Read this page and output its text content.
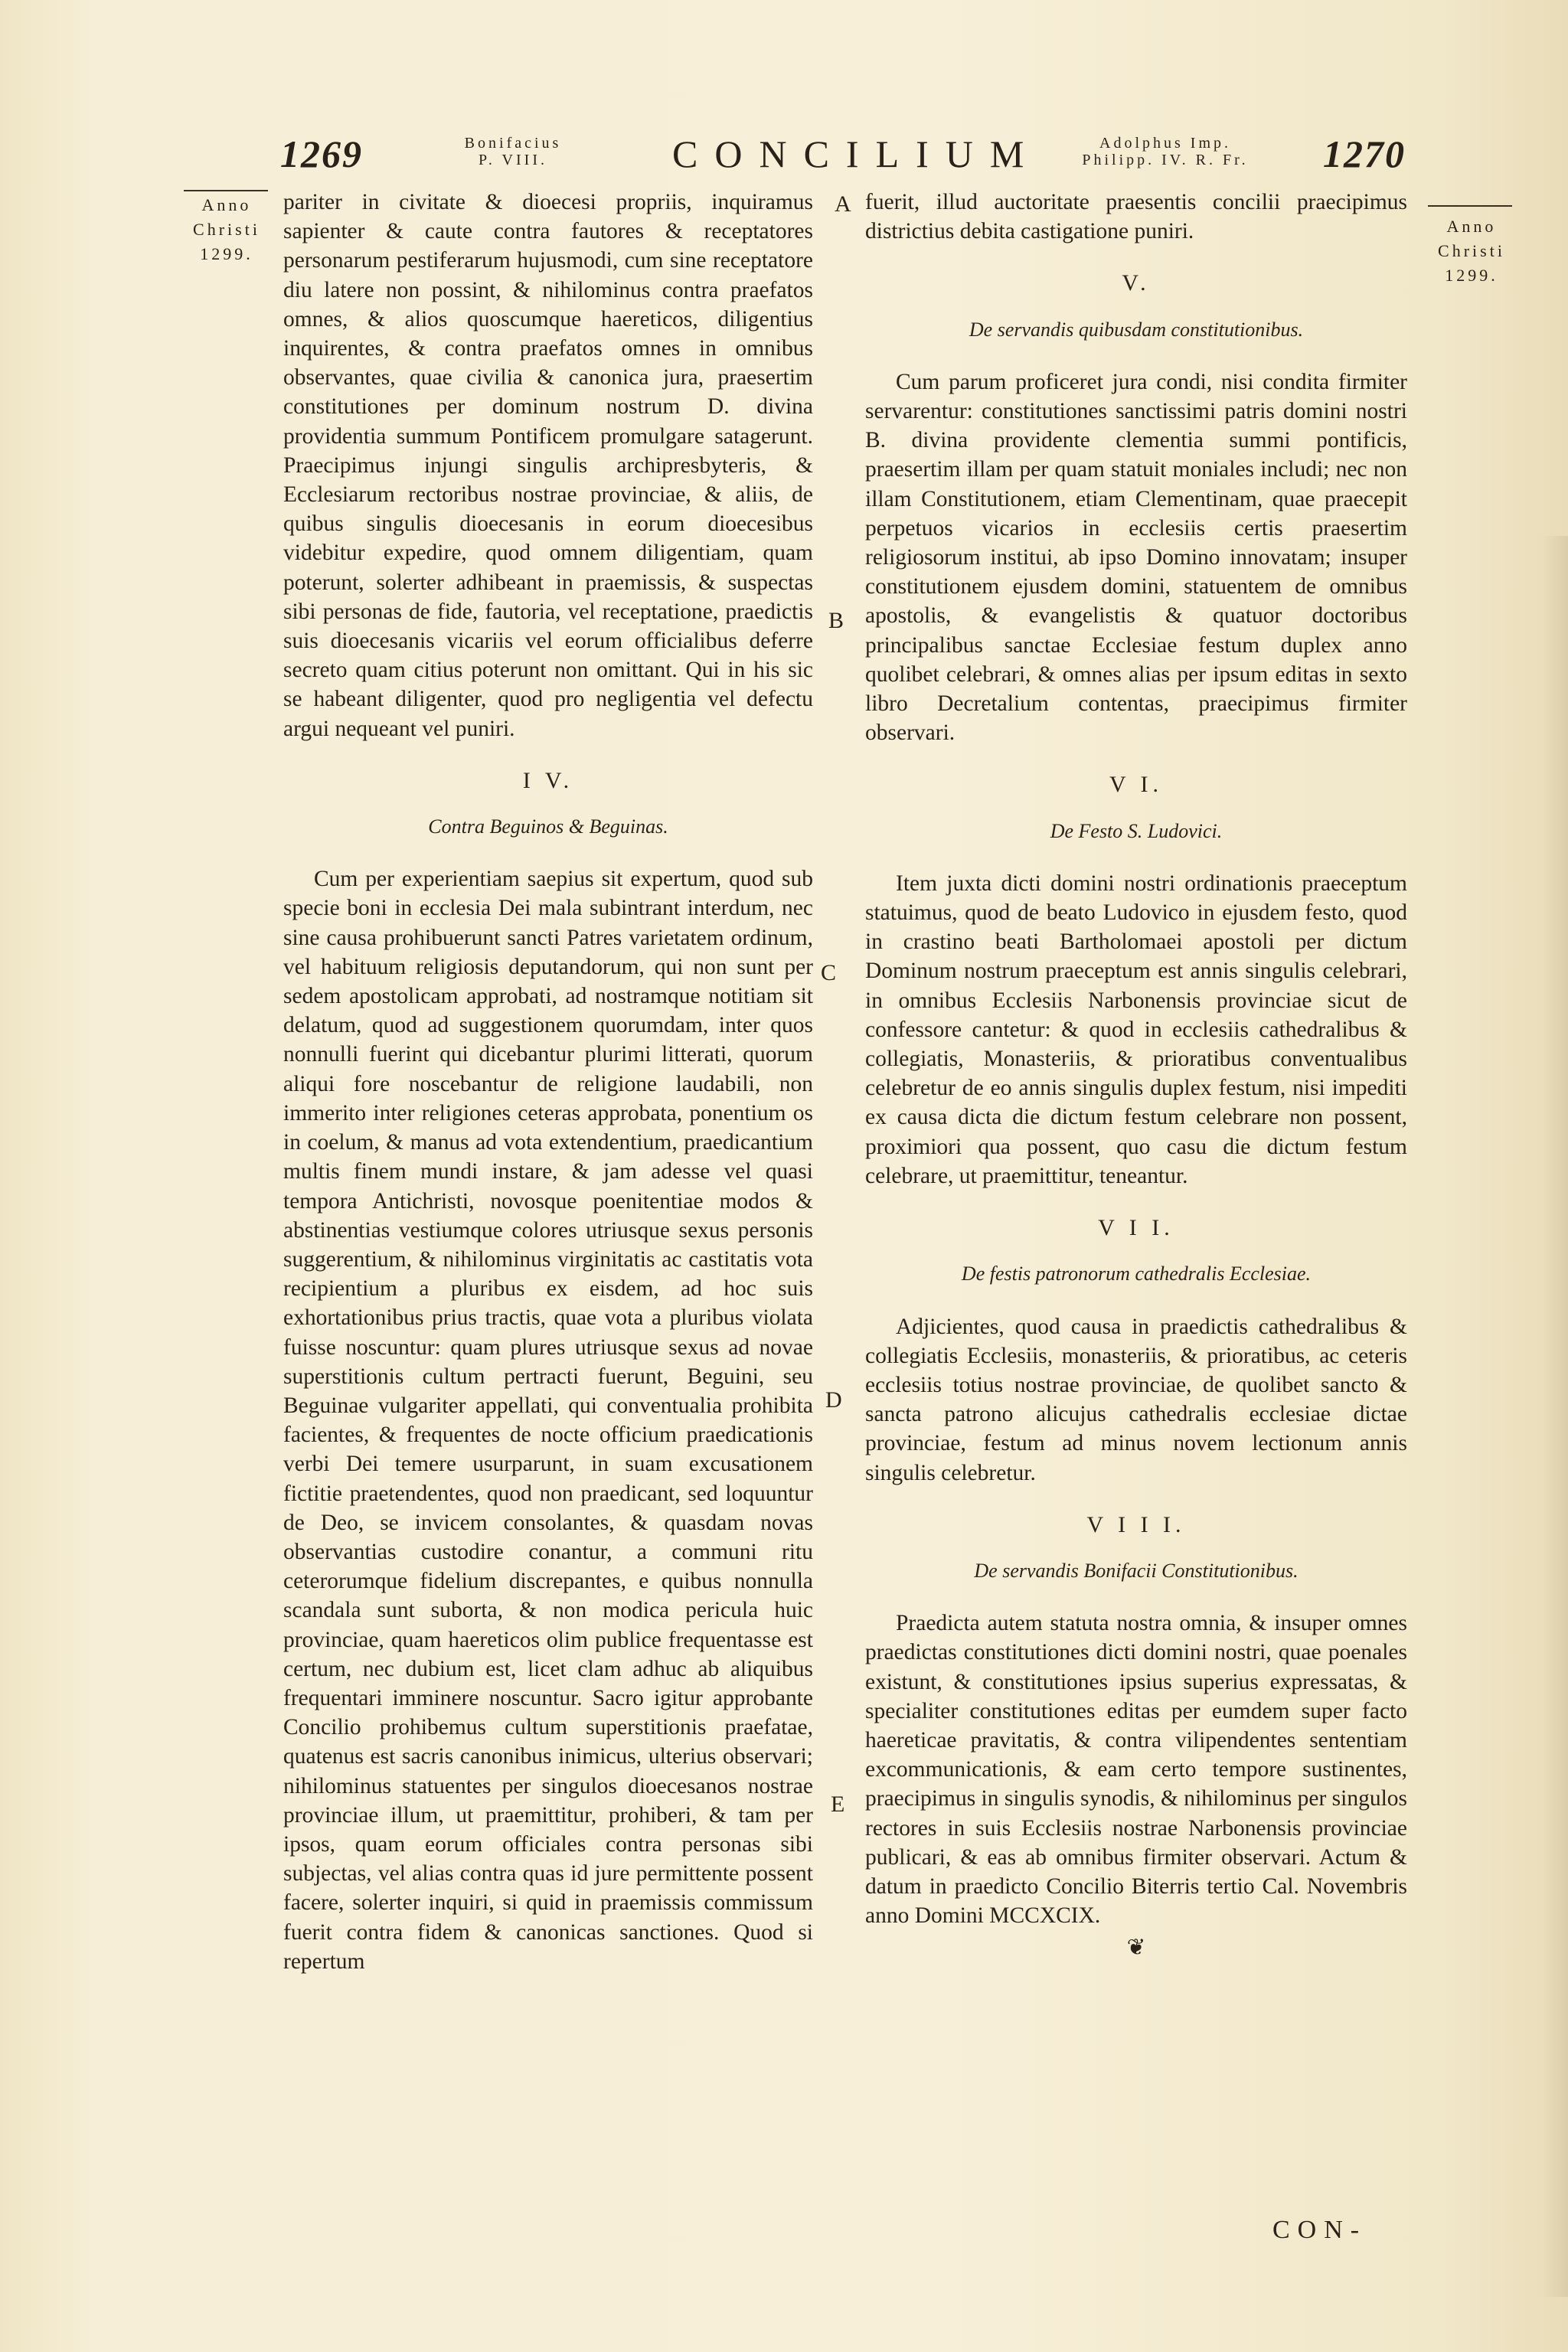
1269	Bonifacius
P. VIII.	CONCILIUM	Adolphus Imp.
Philipp. IV. R. Fr.	1270
Anno
Christi
1299.
Anno
Christi
1299.
A
B
C
D
E

pariter in civitate & dioecesi propriis, inquiramus sapienter & caute contra fautores & receptatores personarum pestiferarum hujusmodi, cum sine receptatore diu latere non possint, & nihilominus contra praefatos omnes, & alios quoscumque haereticos, diligentius inquirentes, & contra praefatos omnes in omnibus observantes, quae civilia & canonica jura, praesertim constitutiones per dominum nostrum D. divina providentia summum Pontificem promulgare satagerunt. Praecipimus injungi singulis archipresbyteris, & Ecclesiarum rectoribus nostrae provinciae, & aliis, de quibus singulis dioecesanis in eorum dioecesibus videbitur expedire, quod omnem diligentiam, quam poterunt, solerter adhibeant in praemissis, & suspectas sibi personas de fide, fautoria, vel receptatione, praedictis suis dioecesanis vicariis vel eorum officialibus deferre secreto quam citius poterunt non omittant. Qui in his sic se habeant diligenter, quod pro negligentia vel defectu argui nequeant vel puniri.

I V.
Contra Beguinos & Beguinas.

Cum per experientiam saepius sit expertum, quod sub specie boni in ecclesia Dei mala subintrant interdum, nec sine causa prohibuerunt sancti Patres varietatem ordinum, vel habituum religiosis deputandorum, qui non sunt per sedem apostolicam approbati, ad nostramque notitiam sit delatum, quod ad suggestionem quorumdam, inter quos nonnulli fuerint qui dicebantur plurimi litterati, quorum aliqui fore noscebantur de religione laudabili, non immerito inter religiones ceteras approbata, ponentium os in coelum, & manus ad vota extendentium, praedicantium multis finem mundi instare, & jam adesse vel quasi tempora Antichristi, novosque poenitentiae modos & abstinentias vestiumque colores utriusque sexus personis suggerentium, & nihilominus virginitatis ac castitatis vota recipientium a pluribus ex eisdem, ad hoc suis exhortationibus prius tractis, quae vota a pluribus violata fuisse noscuntur: quam plures utriusque sexus ad novae superstitionis cultum pertracti fuerunt, Beguini, seu Beguinae vulgariter appellati, qui conventualia prohibita facientes, & frequentes de nocte officium praedicationis verbi Dei temere usurparunt, in suam excusationem fictitie praetendentes, quod non praedicant, sed loquuntur de Deo, se invicem consolantes, & quasdam novas observantias custodire conantur, a communi ritu ceterorumque fidelium discrepantes, e quibus nonnulla scandala sunt suborta, & non modica pericula huic provinciae, quam haereticos olim publice frequentasse est certum, nec dubium est, licet clam adhuc ab aliquibus frequentari imminere noscuntur. Sacro igitur approbante Concilio prohibemus cultum superstitionis praefatae, quatenus est sacris canonibus inimicus, ulterius observari; nihilominus statuentes per singulos dioecesanos nostrae provinciae illum, ut praemittitur, prohiberi, & tam per ipsos, quam eorum officiales contra personas sibi subjectas, vel alias contra quas id jure permittente possent facere, solerter inquiri, si quid in praemissis commissum fuerit contra fidem & canonicas sanctiones. Quod si repertum

fuerit, illud auctoritate praesentis concilii praecipimus districtius debita castigatione puniri.

V.
De servandis quibusdam constitutionibus.

Cum parum proficeret jura condi, nisi condita firmiter servarentur: constitutiones sanctissimi patris domini nostri B. divina providente clementia summi pontificis, praesertim illam per quam statuit moniales includi; nec non illam Constitutionem, etiam Clementinam, quae praecepit perpetuos vicarios in ecclesiis certis praesertim religiosorum institui, ab ipso Domino innovatam; insuper constitutionem ejusdem domini, statuentem de omnibus apostolis, & evangelistis & quatuor doctoribus principalibus sanctae Ecclesiae festum duplex anno quolibet celebrari, & omnes alias per ipsum editas in sexto libro Decretalium contentas, praecipimus firmiter observari.

V I.
De Festo S. Ludovici.

Item juxta dicti domini nostri ordinationis praeceptum statuimus, quod de beato Ludovico in ejusdem festo, quod in crastino beati Bartholomaei apostoli per dictum Dominum nostrum praeceptum est annis singulis celebrari, in omnibus Ecclesiis Narbonensis provinciae sicut de confessore cantetur: & quod in ecclesiis cathedralibus & collegiatis, Monasteriis, & prioratibus conventualibus celebretur de eo annis singulis duplex festum, nisi impediti ex causa dicta die dictum festum celebrare non possent, proximiori qua possent, quo casu die dictum festum celebrare, ut praemittitur, teneantur.

V I I.
De festis patronorum cathedralis Ecclesiae.

Adjicientes, quod causa in praedictis cathedralibus & collegiatis Ecclesiis, monasteriis, & prioratibus, ac ceteris ecclesiis totius nostrae provinciae, de quolibet sancto & sancta patrono alicujus cathedralis ecclesiae dictae provinciae, festum ad minus novem lectionum annis singulis celebretur.

V I I I.
De servandis Bonifacii Constitutionibus.

Praedicta autem statuta nostra omnia, & insuper omnes praedictas constitutiones dicti domini nostri, quae poenales existunt, & constitutiones ipsius superius expressatas, & specialiter constitutiones editas per eumdem super facto haereticae pravitatis, & contra vilipendentes sententiam excommunicationis, & eam certo tempore sustinentes, praecipimus in singulis synodis, & nihilominus per singulos rectores in suis Ecclesiis nostrae Narbonensis provinciae publicari, & eas ab omnibus firmiter observari. Actum & datum in praedicto Concilio Biterris tertio Cal. Novembris anno Domini MCCXCIX.

❦
CON-
